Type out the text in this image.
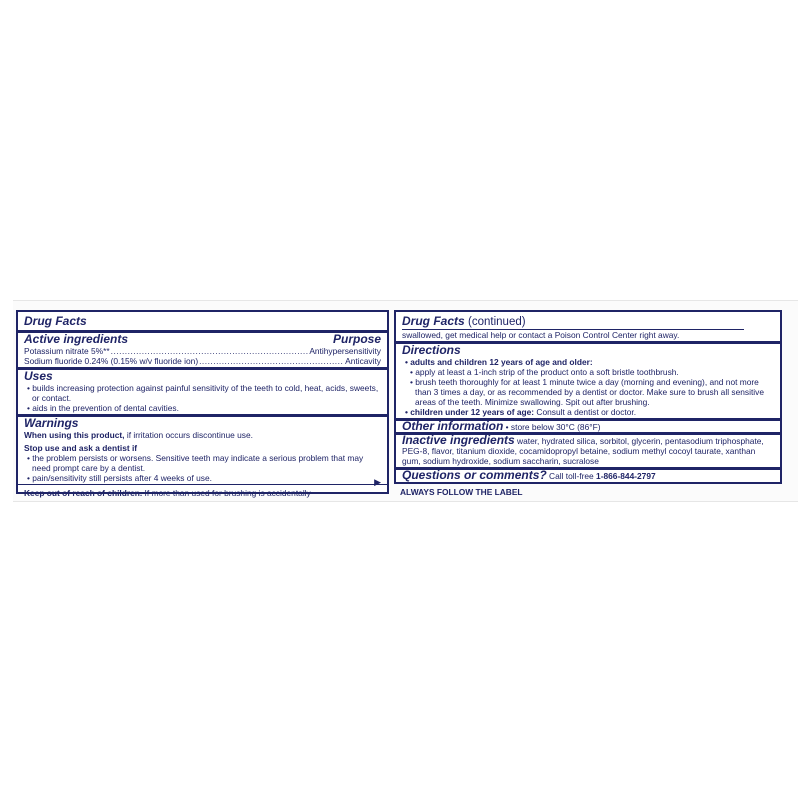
Drug Facts
Active ingredients	Purpose
Potassium nitrate 5%** .....	Antihypersensitivity
Sodium fluoride 0.24% (0.15% w/v fluoride ion) .....	Anticavity
Uses
• builds increasing protection against painful sensitivity of the teeth to cold, heat, acids, sweets, or contact.
• aids in the prevention of dental cavities.
Warnings
When using this product, if irritation occurs discontinue use.
Stop use and ask a dentist if
• the problem persists or worsens. Sensitive teeth may indicate a serious problem that may need prompt care by a dentist.
• pain/sensitivity still persists after 4 weeks of use.
Keep out of reach of children. If more than used for brushing is accidentally
▶
Drug Facts (continued)
swallowed, get medical help or contact a Poison Control Center right away.
Directions
• adults and children 12 years of age and older:
• apply at least a 1-inch strip of the product onto a soft bristle toothbrush.
• brush teeth thoroughly for at least 1 minute twice a day (morning and evening), and not more than 3 times a day, or as recommended by a dentist or doctor. Make sure to brush all sensitive areas of the teeth. Minimize swallowing. Spit out after brushing.
• children under 12 years of age: Consult a dentist or doctor.
Other information • store below 30°C (86°F)
Inactive ingredients water, hydrated silica, sorbitol, glycerin, pentasodium triphosphate, PEG-8, flavor, titanium dioxide, cocamidopropyl betaine, sodium methyl cocoyl taurate, xanthan gum, sodium hydroxide, sodium saccharin, sucralose
Questions or comments? Call toll-free 1-866-844-2797
ALWAYS FOLLOW THE LABEL
